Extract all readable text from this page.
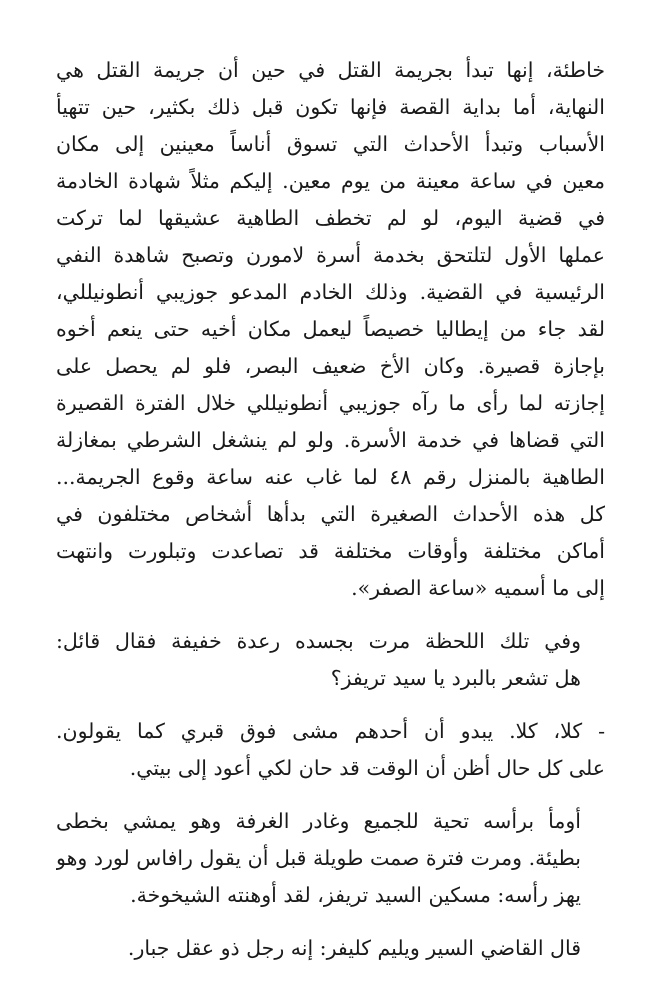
خاطئة، إنها تبدأ بجريمة القتل في حين أن جريمة القتل هي
النهاية، أما بداية القصة فإنها تكون قبل ذلك بكثير، حين تتهيأ
الأسباب وتبدأ الأحداث التي تسوق أناساً معينين إلى مكان
معين في ساعة معينة من يوم معين. إليكم مثلاً شهادة الخادمة
في قضية اليوم، لو لم تخطف الطاهية عشيقها لما تركت
عملها الأول لتلتحق بخدمة أسرة لامورن وتصبح شاهدة النفي
الرئيسية في القضية. وذلك الخادم المدعو جوزيبي أنطونيللي،
لقد جاء من إيطاليا خصيصاً ليعمل مكان أخيه حتى ينعم أخوه
بإجازة قصيرة. وكان الأخ ضعيف البصر، فلو لم يحصل على
إجازته لما رأى ما رآه جوزيبي أنطونيللي خلال الفترة القصيرة
التي قضاها في خدمة الأسرة. ولو لم ينشغل الشرطي بمغازلة
الطاهية بالمنزل رقم ٤٨ لما غاب عنه ساعة وقوع الجريمة...
كل هذه الأحداث الصغيرة التي بدأها أشخاص مختلفون في
أماكن مختلفة وأوقات مختلفة قد تصاعدت وتبلورت وانتهت
إلى ما أسميه «ساعة الصفر».

وفي تلك اللحظة مرت بجسده رعدة خفيفة فقال قائل:
هل تشعر بالبرد يا سيد تريفز؟

- كلا، كلا. يبدو أن أحدهم مشى فوق قبري كما يقولون.
على كل حال أظن أن الوقت قد حان لكي أعود إلى بيتي.

أومأ برأسه تحية للجميع وغادر الغرفة وهو يمشي بخطى
بطيئة. ومرت فترة صمت طويلة قبل أن يقول رافاس لورد وهو
يهز رأسه: مسكين السيد تريفز، لقد أوهنته الشيخوخة.

قال القاضي السير ويليم كليفر: إنه رجل ذو عقل جبار.
